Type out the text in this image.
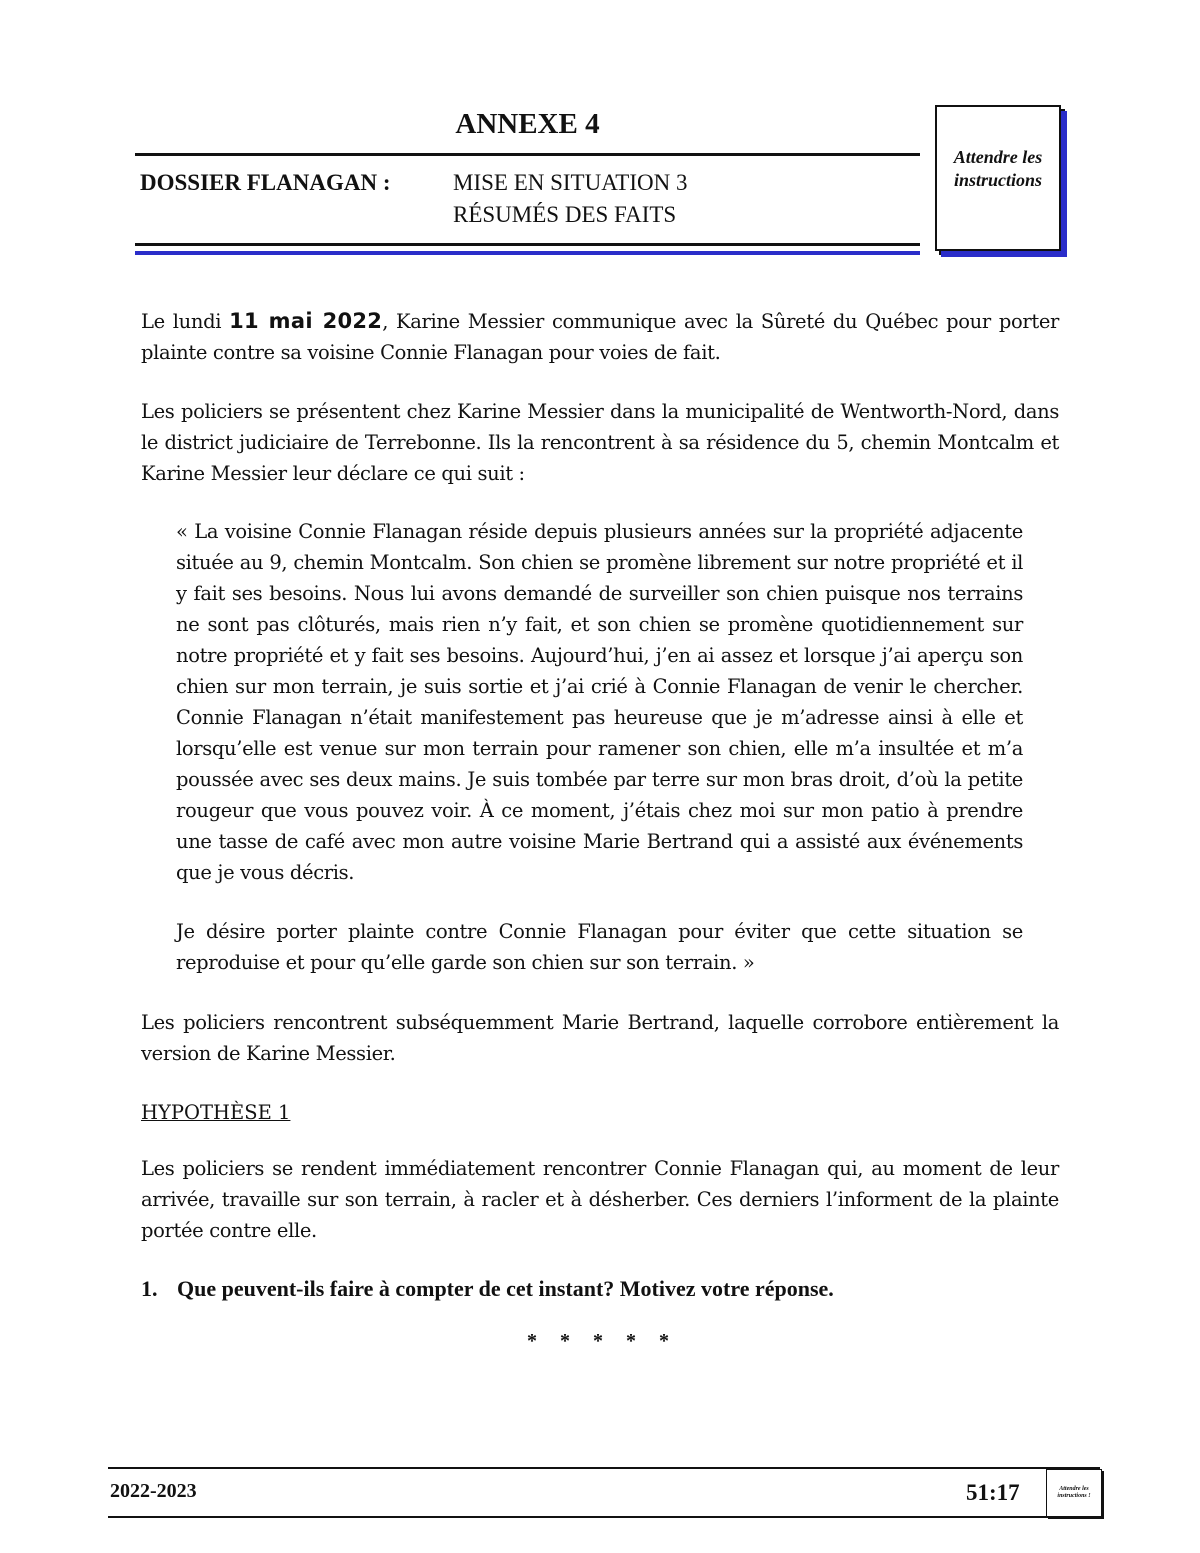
ANNEXE 4
DOSSIER FLANAGAN :	MISE EN SITUATION 3
RÉSUMÉS DES FAITS
Attendre les instructions

Le lundi 11 mai 2022, Karine Messier communique avec la Sûreté du Québec pour porter plainte contre sa voisine Connie Flanagan pour voies de fait.

Les policiers se présentent chez Karine Messier dans la municipalité de Wentworth-Nord, dans le district judiciaire de Terrebonne. Ils la rencontrent à sa résidence du 5, chemin Montcalm et Karine Messier leur déclare ce qui suit :

« La voisine Connie Flanagan réside depuis plusieurs années sur la propriété adjacente située au 9, chemin Montcalm. Son chien se promène librement sur notre propriété et il y fait ses besoins. Nous lui avons demandé de surveiller son chien puisque nos terrains ne sont pas clôturés, mais rien n’y fait, et son chien se promène quotidiennement sur notre propriété et y fait ses besoins. Aujourd’hui, j’en ai assez et lorsque j’ai aperçu son chien sur mon terrain, je suis sortie et j’ai crié à Connie Flanagan de venir le chercher. Connie Flanagan n’était manifestement pas heureuse que je m’adresse ainsi à elle et lorsqu’elle est venue sur mon terrain pour ramener son chien, elle m’a insultée et m’a poussée avec ses deux mains. Je suis tombée par terre sur mon bras droit, d’où la petite rougeur que vous pouvez voir. À ce moment, j’étais chez moi sur mon patio à prendre une tasse de café avec mon autre voisine Marie Bertrand qui a assisté aux événements que je vous décris.

Je désire porter plainte contre Connie Flanagan pour éviter que cette situation se reproduise et pour qu’elle garde son chien sur son terrain. »

Les policiers rencontrent subséquemment Marie Bertrand, laquelle corrobore entièrement la version de Karine Messier.

HYPOTHÈSE 1

Les policiers se rendent immédiatement rencontrer Connie Flanagan qui, au moment de leur arrivée, travaille sur son terrain, à racler et à désherber. Ces derniers l’informent de la plainte portée contre elle.

1. Que peuvent-ils faire à compter de cet instant? Motivez votre réponse.
* * * * *
2022-2023	51:17	Attendre les instructions !
